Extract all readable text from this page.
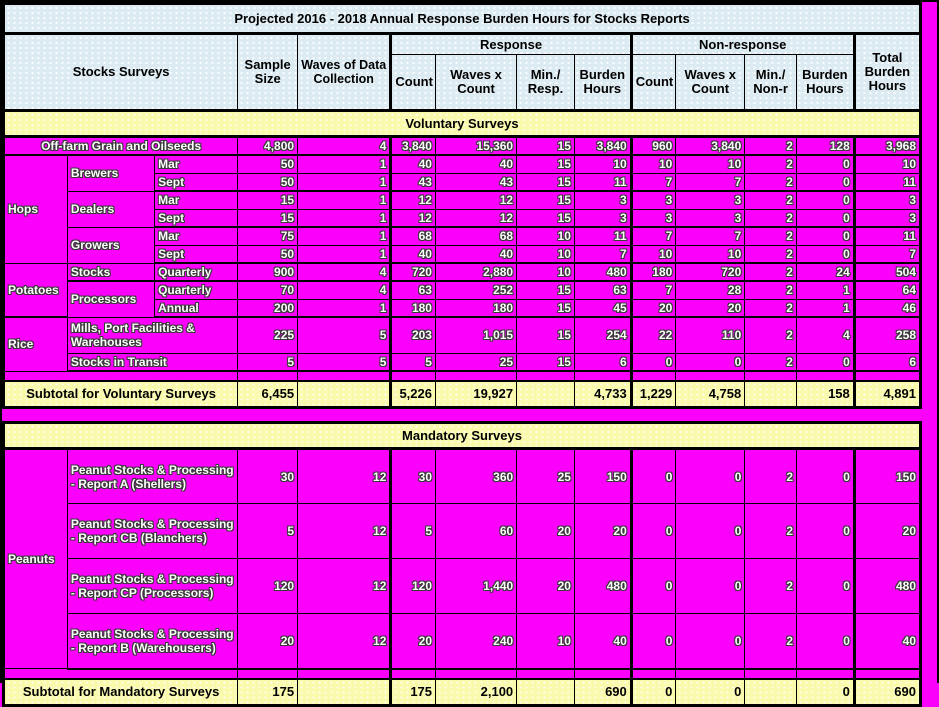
Projected 2016 - 2018 Annual Response Burden Hours for Stocks Reports													
Stocks Surveys			Sample Size	Waves of Data Collection	Response				Non-response				Total Burden Hours
					Count	Waves x Count	Min./ Resp.	Burden Hours	Count	Waves x Count	Min./ Non-r	Burden Hours	
Voluntary Surveys													
Off-farm Grain and Oilseeds			4,800	4	3,840	15,360	15	3,840	960	3,840	2	128	3,968
Hops	Brewers	Mar	50	1	40	40	15	10	10	10	2	0	10
		Sept	50	1	43	43	15	11	7	7	2	0	11
	Dealers	Mar	15	1	12	12	15	3	3	3	2	0	3
		Sept	15	1	12	12	15	3	3	3	2	0	3
	Growers	Mar	75	1	68	68	10	11	7	7	2	0	11
		Sept	50	1	40	40	10	7	10	10	2	0	7
Potatoes	Stocks	Quarterly	900	4	720	2,880	10	480	180	720	2	24	504
	Processors	Quarterly	70	4	63	252	15	63	7	28	2	1	64
		Annual	200	1	180	180	15	45	20	20	2	1	46
Rice	Mills, Port Facilities & Warehouses		225	5	203	1,015	15	254	22	110	2	4	258
	Stocks in Transit		5	5	5	25	15	6	0	0	2	0	6

Subtotal for Voluntary Surveys			6,455		5,226	19,927		4,733	1,229	4,758		158	4,891
Mandatory Surveys												
Peanuts	Peanut Stocks & Processing - Report A (Shellers)	30	12	30	360	25	150	0	0	2	0	150
	Peanut Stocks & Processing - Report CB (Blanchers)	5	12	5	60	20	20	0	0	2	0	20
	Peanut Stocks & Processing - Report CP (Processors)	120	12	120	1,440	20	480	0	0	2	0	480
	Peanut Stocks & Processing - Report B (Warehousers)	20	12	20	240	10	40	0	0	2	0	40

Subtotal for Mandatory Surveys		175		175	2,100		690	0	0		0	690
